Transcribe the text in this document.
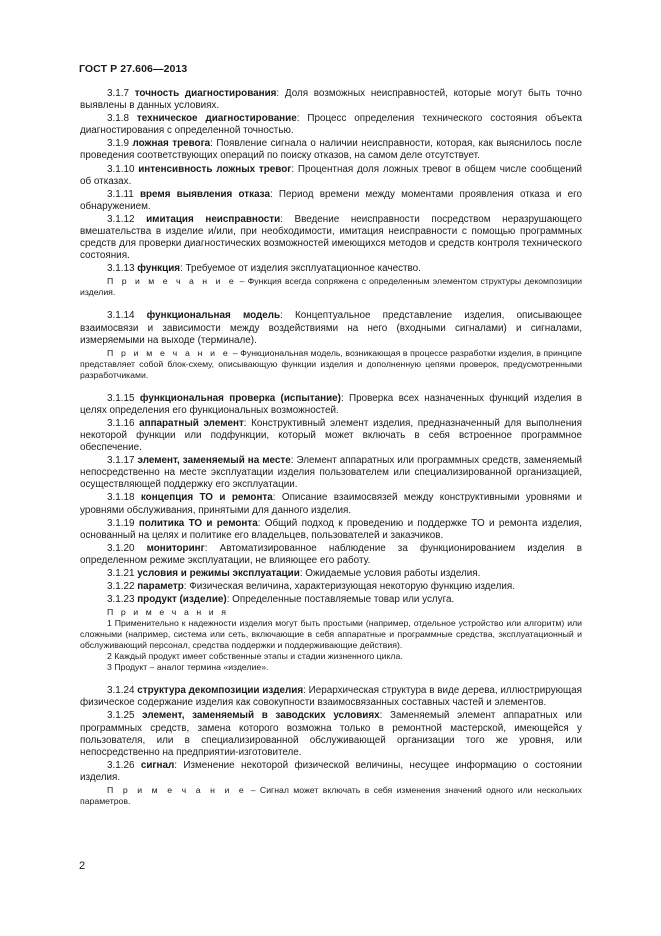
ГОСТ Р 27.606—2013

3.1.7 точность диагностирования: Доля возможных неисправностей, которые могут быть точно выявлены в данных условиях.

3.1.8 техническое диагностирование: Процесс определения технического состояния объекта диагностирования с определенной точностью.

3.1.9 ложная тревога: Появление сигнала о наличии неисправности, которая, как выяснилось после проведения соответствующих операций по поиску отказов, на самом деле отсутствует.

3.1.10 интенсивность ложных тревог: Процентная доля ложных тревог в общем числе сообщений об отказах.

3.1.11 время выявления отказа: Период времени между моментами проявления отказа и его обнаружением.

3.1.12 имитация неисправности: Введение неисправности посредством неразрушающего вмешательства в изделие и/или, при необходимости, имитация неисправности с помощью программных средств для проверки диагностических возможностей имеющихся методов и средств контроля технического состояния.

3.1.13 функция: Требуемое от изделия эксплуатационное качество.

П р и м е ч а н и е – Функция всегда сопряжена с определенным элементом структуры декомпозиции изделия.

3.1.14 функциональная модель: Концептуальное представление изделия, описывающее взаимосвязи и зависимости между воздействиями на него (входными сигналами) и сигналами, измеряемыми на выходе (терминале).

П р и м е ч а н и е – Функциональная модель, возникающая в процессе разработки изделия, в принципе представляет собой блок-схему, описывающую функции изделия и дополненную цепями проверок, предусмотренными разработчиками.

3.1.15 функциональная проверка (испытание): Проверка всех назначенных функций изделия в целях определения его функциональных возможностей.

3.1.16 аппаратный элемент: Конструктивный элемент изделия, предназначенный для выполнения некоторой функции или подфункции, который может включать в себя встроенное программное обеспечение.

3.1.17 элемент, заменяемый на месте: Элемент аппаратных или программных средств, заменяемый непосредственно на месте эксплуатации изделия пользователем или специализированной организацией, осуществляющей поддержку его эксплуатации.

3.1.18 концепция ТО и ремонта: Описание взаимосвязей между конструктивными уровнями и уровнями обслуживания, принятыми для данного изделия.

3.1.19 политика ТО и ремонта: Общий подход к проведению и поддержке ТО и ремонта изделия, основанный на целях и политике его владельцев, пользователей и заказчиков.

3.1.20 мониторинг: Автоматизированное наблюдение за функционированием изделия в определенном режиме эксплуатации, не влияющее его работу.

3.1.21 условия и режимы эксплуатации: Ожидаемые условия работы изделия.

3.1.22 параметр: Физическая величина, характеризующая некоторую функцию изделия.

3.1.23 продукт (изделие): Определенные поставляемые товар или услуга.

П р и м е ч а н и я

1 Применительно к надежности изделия могут быть простыми (например, отдельное устройство или алгоритм) или сложными (например, система или сеть, включающие в себя аппаратные и программные средства, эксплуатационный и обслуживающий персонал, средства поддержки и поддерживающие действия).

2 Каждый продукт имеет собственные этапы и стадии жизненного цикла.

3 Продукт – аналог термина «изделие».

3.1.24 структура декомпозиции изделия: Иерархическая структура в виде дерева, иллюстрирующая физическое содержание изделия как совокупности взаимосвязанных составных частей и элементов.

3.1.25 элемент, заменяемый в заводских условиях: Заменяемый элемент аппаратных или программных средств, замена которого возможна только в ремонтной мастерской, имеющейся у пользователя, или в специализированной обслуживающей организации того же уровня, или непосредственно на предприятии-изготовителе.

3.1.26 сигнал: Изменение некоторой физической величины, несущее информацию о состоянии изделия.

П р и м е ч а н и е – Сигнал может включать в себя изменения значений одного или нескольких параметров.

2
